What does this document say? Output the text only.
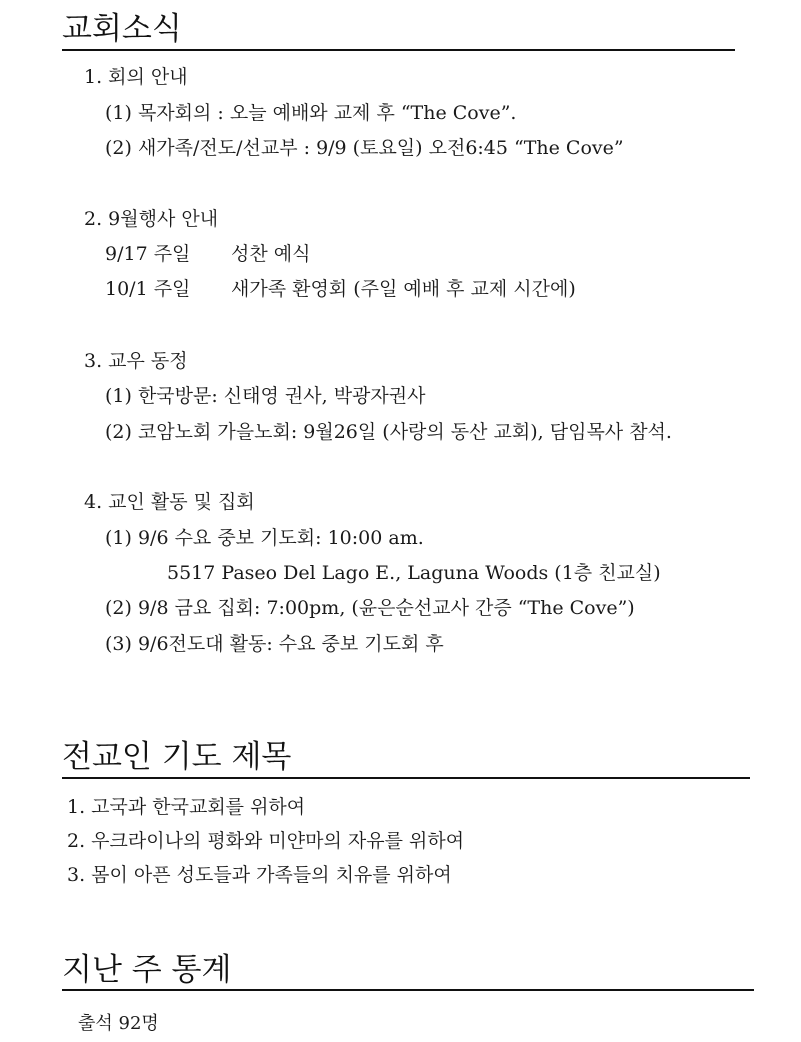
교회소식

1. 회의 안내

(1) 목자회의 : 오늘 예배와 교제 후 “The Cove”.

(2) 새가족/전도/선교부 : 9/9 (토요일) 오전6:45 “The Cove”

2. 9월행사 안내

9/17 주일 성찬 예식

10/1 주일 새가족 환영회 (주일 예배 후 교제 시간에)

3. 교우 동정

(1) 한국방문: 신태영 권사, 박광자권사

(2) 코암노회 가을노회: 9월26일 (사랑의 동산 교회), 담임목사 참석.

4. 교인 활동 및 집회

(1) 9/6 수요 중보 기도회: 10:00 am.

5517 Paseo Del Lago E., Laguna Woods (1층 친교실)

(2) 9/8 금요 집회: 7:00pm, (윤은순선교사 간증 “The Cove”)

(3) 9/6전도대 활동: 수요 중보 기도회 후

전교인 기도 제목

1. 고국과 한국교회를 위하여

2. 우크라이나의 평화와 미얀마의 자유를 위하여

3. 몸이 아픈 성도들과 가족들의 치유를 위하여

지난 주 통계

출석 92명
